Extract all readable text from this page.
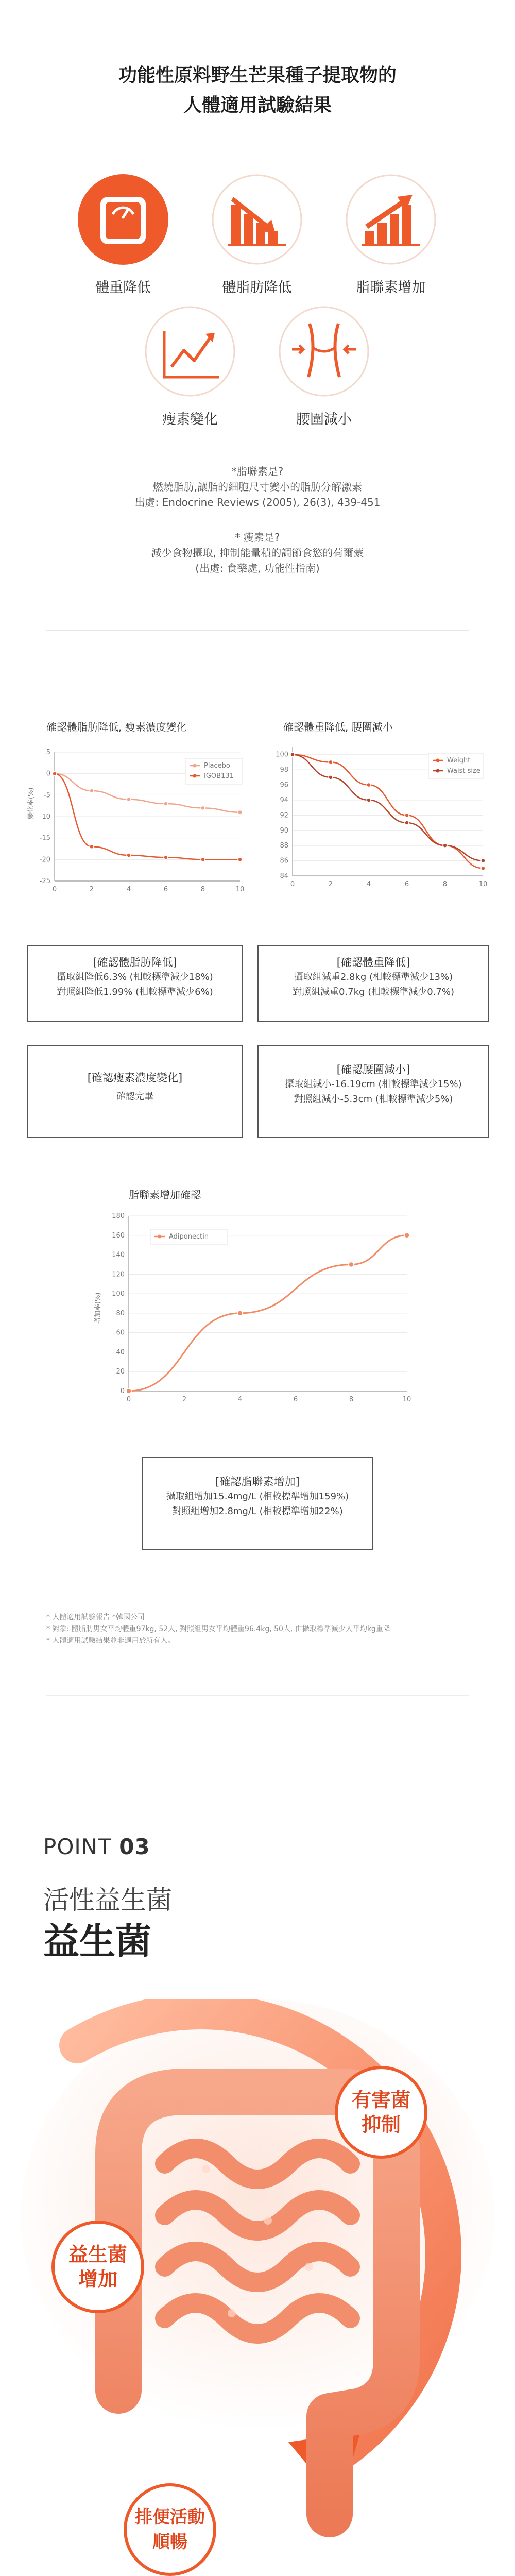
功能性原料野生芒果種子提取物的
人體適用試驗結果
體重降低	體脂肪降低	脂聯素增加
瘦素變化	腰圍減小
*脂聯素是?
燃燒脂肪,讓脂的細胞尺寸變小的脂肪分解激素
出處: Endocrine Reviews (2005), 26(3), 439-451
* 瘦素是?
減少食物攝取, 抑制能量積的調節食慾的荷爾蒙
(出處: 食藥處, 功能性指南)
確認體脂肪降低, 瘦素濃度變化
變化率(%)
5
0
-5
-10
-15
-20
-25
0	2	4	6	8	10
Placebo
IGOB131
確認體重降低, 腰圍減小
100
98
96
94
92
90
88
86
84
0	2	4	6	8	10
Weight
Waist size
[確認體脂肪降低]
攝取組降低6.3% (相較標準減少18%)
對照組降低1.99% (相較標準減少6%)
[確認體重降低]
攝取組減重2.8kg (相較標準減少13%)
對照組減重0.7kg (相較標準減少0.7%)
[確認瘦素濃度變化]
確認完畢
[確認腰圍減小]
攝取組減小-16.19cm (相較標準減少15%)
對照組減小-5.3cm (相較標準減少5%)
脂聯素增加確認
增加率(%)
180
160
140
120
100
80
60
40
20
0
0	2	4	6	8	10
Adiponectin
[確認脂聯素增加]
攝取組增加15.4mg/L (相較標準增加159%)
對照組增加2.8mg/L (相較標準增加22%)
* 人體適用試驗報告 *韓國公司
* 對象: 體脂肪男女平均體重97kg, 52人, 對照組男女平均體重96.4kg, 50人, 由攝取標準減少人平均kg重降
* 人體適用試驗結果並非適用於所有人。
POINT 03
活性益生菌
益生菌
益生菌
增加
有害菌
抑制
排便活動
順暢
